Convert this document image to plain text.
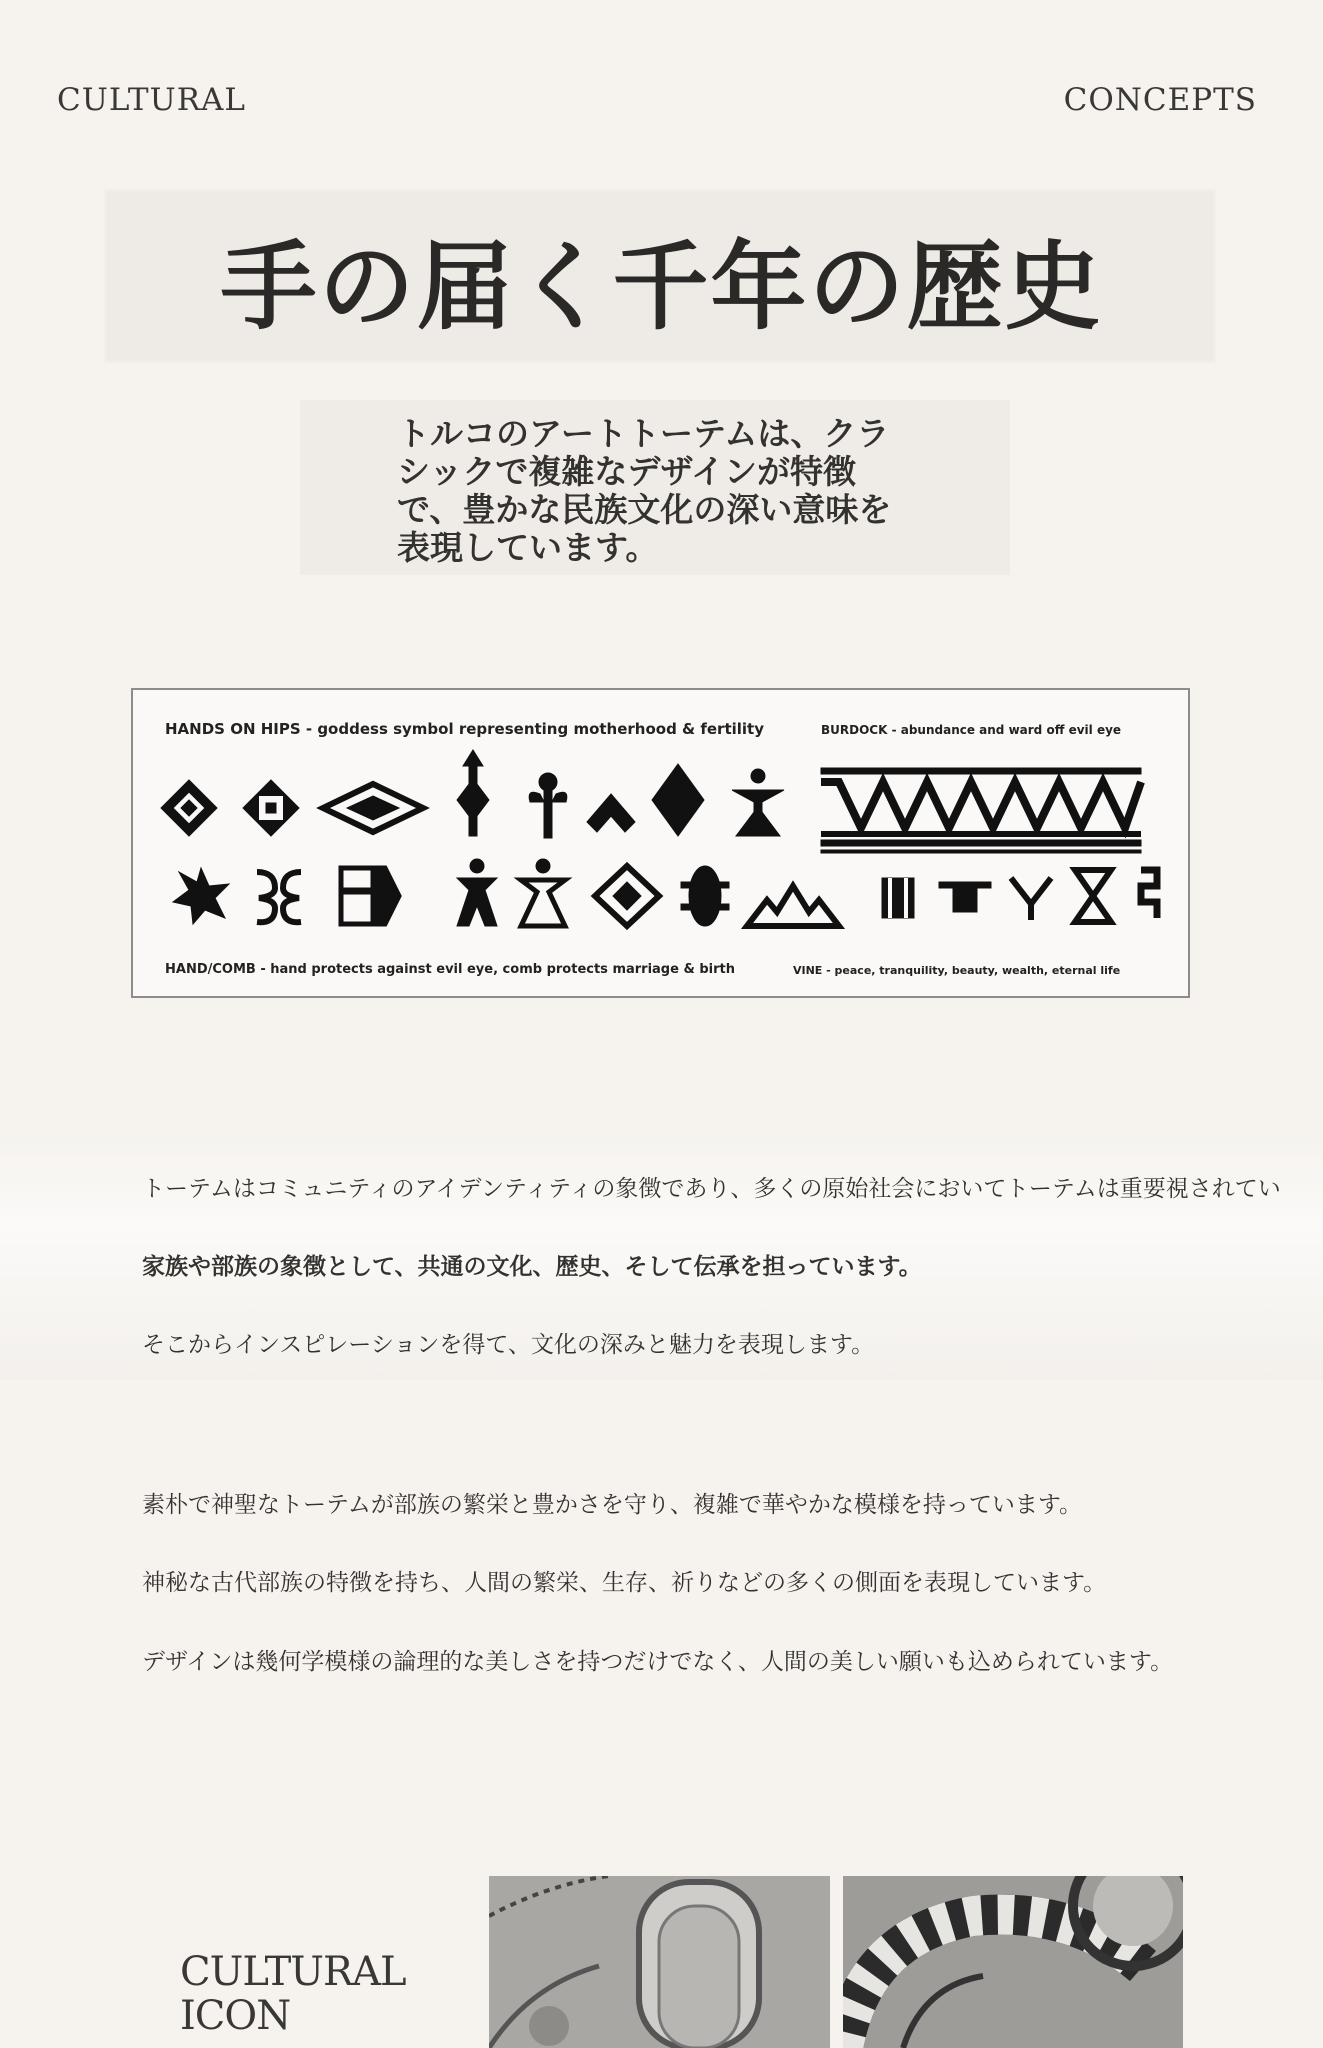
CULTURAL	CONCEPTS
手の届く千年の歴史
トルコのアートトーテムは、クラシックで複雑なデザインが特徴で、豊かな民族文化の深い意味を表現しています。
HANDS ON HIPS - goddess symbol representing motherhood & fertility	BURDOCK - abundance and ward off evil eye
HAND/COMB - hand protects against evil eye, comb protects marriage & birth	VINE - peace, tranquility, beauty, wealth, eternal life
トーテムはコミュニティのアイデンティティの象徴であり、多くの原始社会においてトーテムは重要視されてい
家族や部族の象徴として、共通の文化、歴史、そして伝承を担っています。
そこからインスピレーションを得て、文化の深みと魅力を表現します。
素朴で神聖なトーテムが部族の繁栄と豊かさを守り、複雑で華やかな模様を持っています。
神秘な古代部族の特徴を持ち、人間の繁栄、生存、祈りなどの多くの側面を表現しています。
デザインは幾何学模様の論理的な美しさを持つだけでなく、人間の美しい願いも込められています。
CULTURAL
ICON
